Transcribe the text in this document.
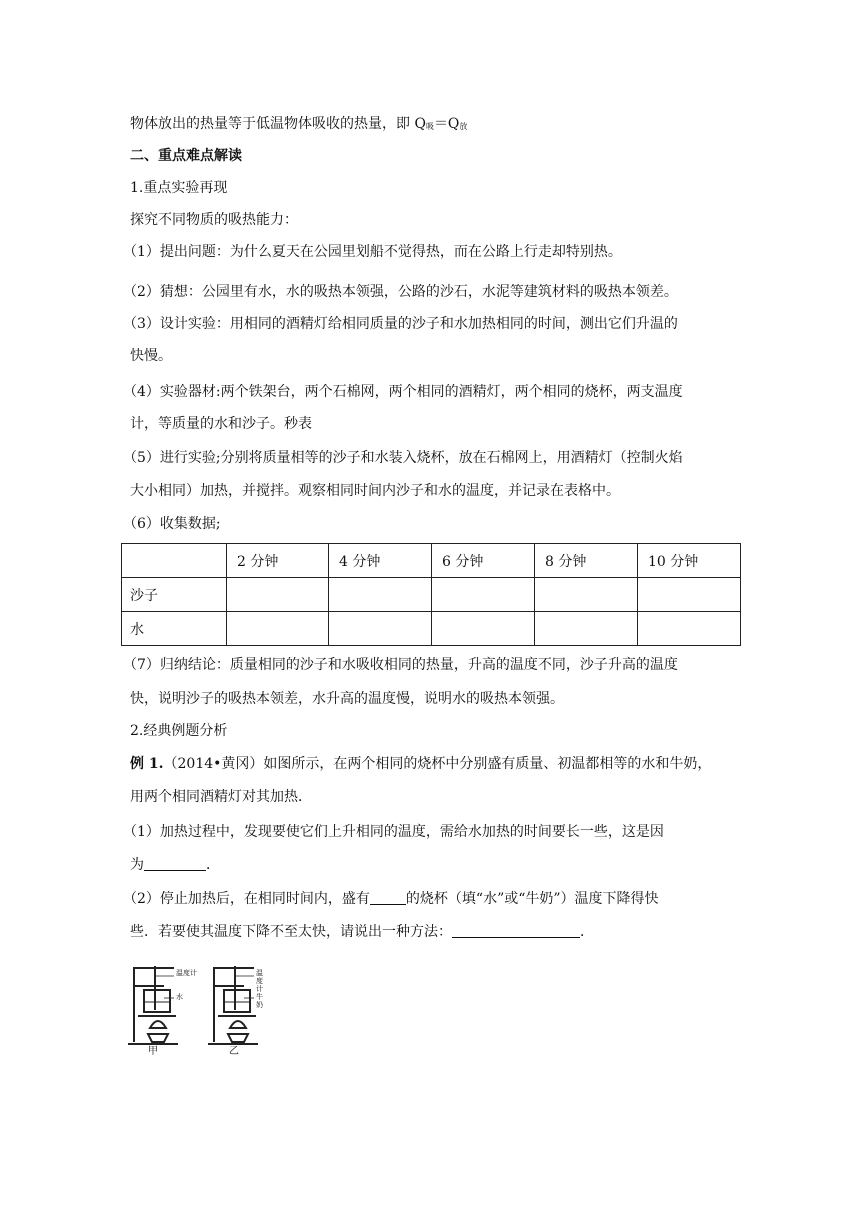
物体放出的热量等于低温物体吸收的热量，即 Q吸＝Q放
二、重点难点解读
1.重点实验再现
探究不同物质的吸热能力：
（1）提出问题：为什么夏天在公园里划船不觉得热，而在公路上行走却特别热。
（2）猜想：公园里有水，水的吸热本领强，公路的沙石，水泥等建筑材料的吸热本领差。
（3）设计实验：用相同的酒精灯给相同质量的沙子和水加热相同的时间，测出它们升温的
快慢。
（4）实验器材:两个铁架台，两个石棉网，两个相同的酒精灯，两个相同的烧杯，两支温度
计，等质量的水和沙子。秒表
（5）进行实验;分别将质量相等的沙子和水装入烧杯，放在石棉网上，用酒精灯（控制火焰
大小相同）加热，并搅拌。观察相同时间内沙子和水的温度，并记录在表格中。
（6）收集数据;
	2 分钟	4 分钟	6 分钟	8 分钟	10 分钟
沙子					
水					
（7）归纳结论：质量相同的沙子和水吸收相同的热量，升高的温度不同，沙子升高的温度
快，说明沙子的吸热本领差，水升高的温度慢，说明水的吸热本领强。
2.经典例题分析
例 1.（2014•黄冈）如图所示，在两个相同的烧杯中分别盛有质量、初温都相等的水和牛奶，
用两个相同酒精灯对其加热．
（1）加热过程中，发现要使它们上升相同的温度，需给水加热的时间要长一些，这是因
为	．
（2）停止加热后，在相同时间内，盛有	的烧杯（填“水”或“牛奶”）温度下降得快
些．若要使其温度下降不至太快，请说出一种方法：	．
温度计
水
温度计
牛奶
甲	乙
